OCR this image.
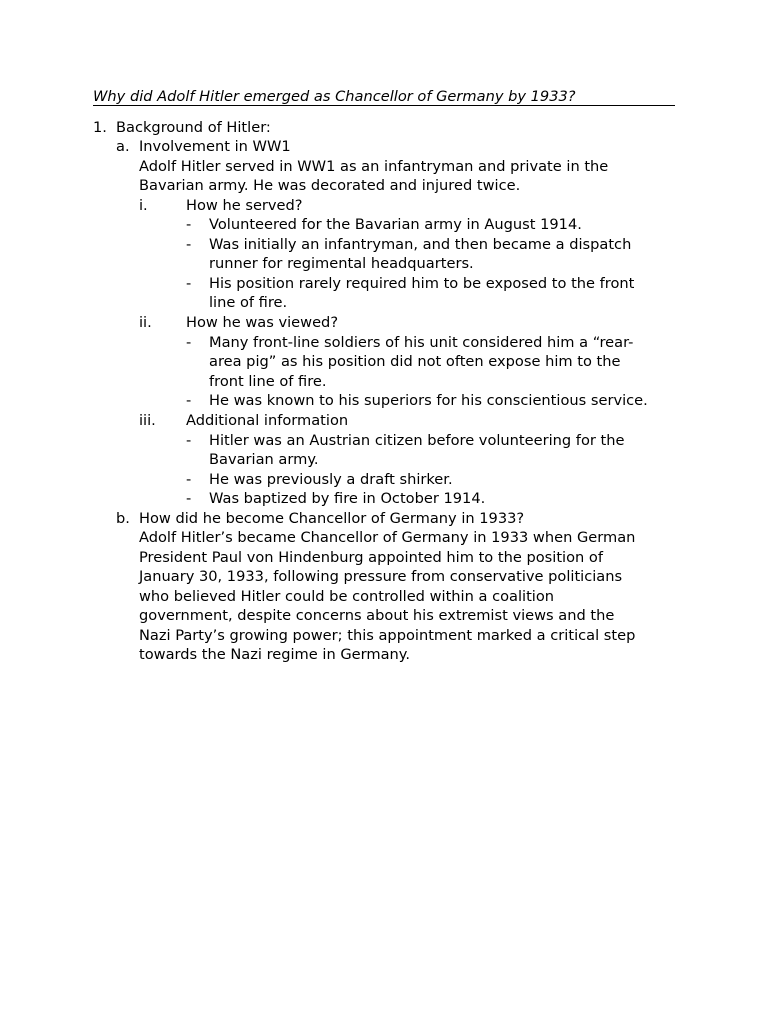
Why did Adolf Hitler emerged as Chancellor of Germany by 1933?
1. Background of Hitler:
a. Involvement in WW1
Adolf Hitler served in WW1 as an infantryman and private in the
Bavarian army. He was decorated and injured twice.
i.	How he served?
- Volunteered for the Bavarian army in August 1914.
- Was initially an infantryman, and then became a dispatch
runner for regimental headquarters.
- His position rarely required him to be exposed to the front
line of fire.
ii. How he was viewed?
- Many front-line soldiers of his unit considered him a “rear-
area pig” as his position did not often expose him to the
front line of fire.
- He was known to his superiors for his conscientious service.
iii. Additional information
- Hitler was an Austrian citizen before volunteering for the
Bavarian army.
- He was previously a draft shirker.
- Was baptized by fire in October 1914.
b. How did he become Chancellor of Germany in 1933?
Adolf Hitler’s became Chancellor of Germany in 1933 when German
President Paul von Hindenburg appointed him to the position of
January 30, 1933, following pressure from conservative politicians
who believed Hitler could be controlled within a coalition
government, despite concerns about his extremist views and the
Nazi Party’s growing power; this appointment marked a critical step
towards the Nazi regime in Germany.
